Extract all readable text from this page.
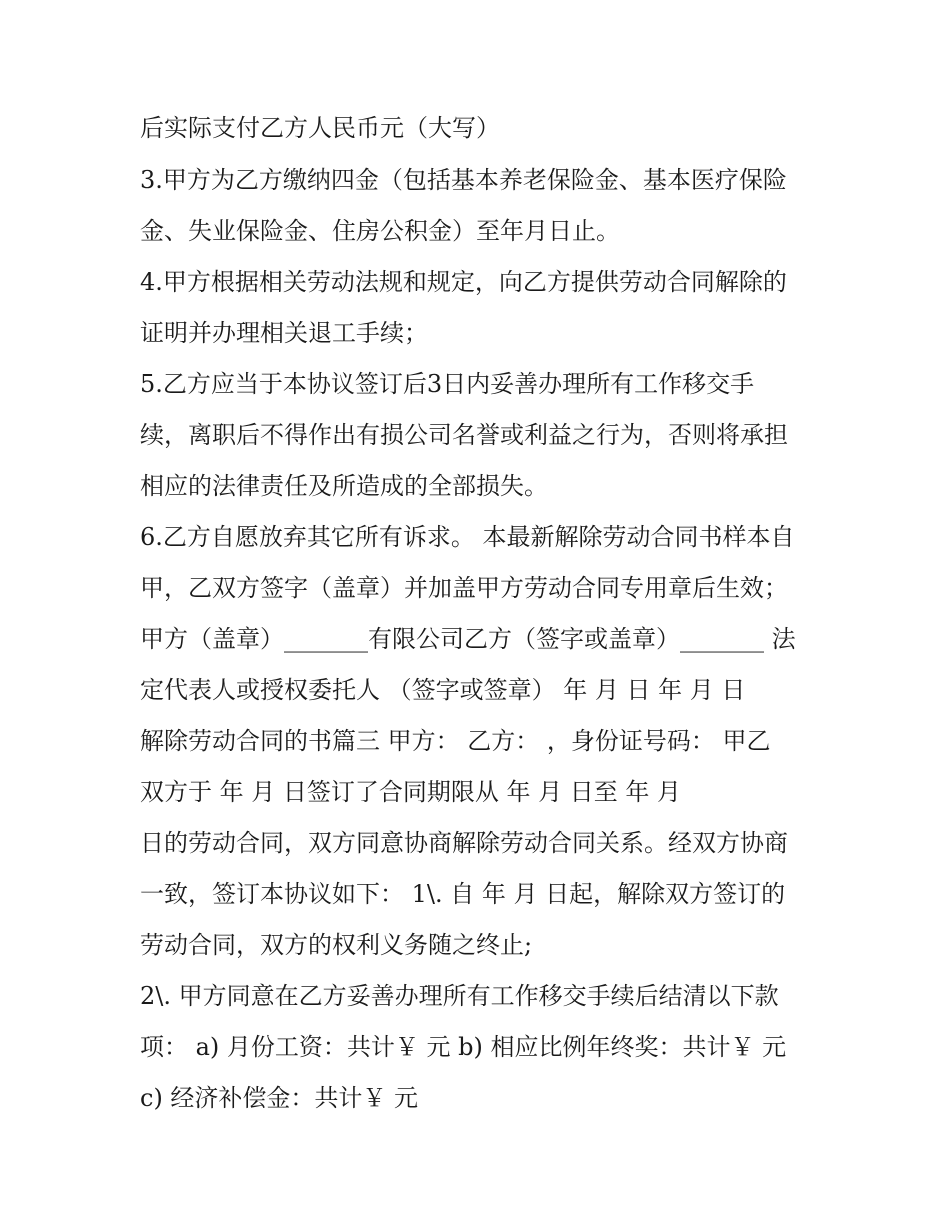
后实际支付乙方人民币元（大写）
3.甲方为乙方缴纳四金（包括基本养老保险金、基本医疗保险
金、失业保险金、住房公积金）至年月日止。
4.甲方根据相关劳动法规和规定，向乙方提供劳动合同解除的
证明并办理相关退工手续；
5.乙方应当于本协议签订后3日内妥善办理所有工作移交手
续，离职后不得作出有损公司名誉或利益之行为，否则将承担
相应的法律责任及所造成的全部损失。
6.乙方自愿放弃其它所有诉求。 本最新解除劳动合同书样本自
甲，乙双方签字（盖章）并加盖甲方劳动合同专用章后生效；
甲方（盖章）_______有限公司乙方（签字或盖章）_______ 法
定代表人或授权委托人 （签字或签章） 年 月 日 年 月 日
解除劳动合同的书篇三 甲方： 乙方： ，身份证号码： 甲乙
双方于 年 月 日签订了合同期限从 年 月 日至 年 月
日的劳动合同，双方同意协商解除劳动合同关系。经双方协商
一致，签订本协议如下： 1\. 自 年 月 日起，解除双方签订的
劳动合同，双方的权利义务随之终止;
2\. 甲方同意在乙方妥善办理所有工作移交手续后结清以下款
项： a) 月份工资：共计￥ 元 b) 相应比例年终奖：共计￥ 元
c) 经济补偿金：共计￥ 元
